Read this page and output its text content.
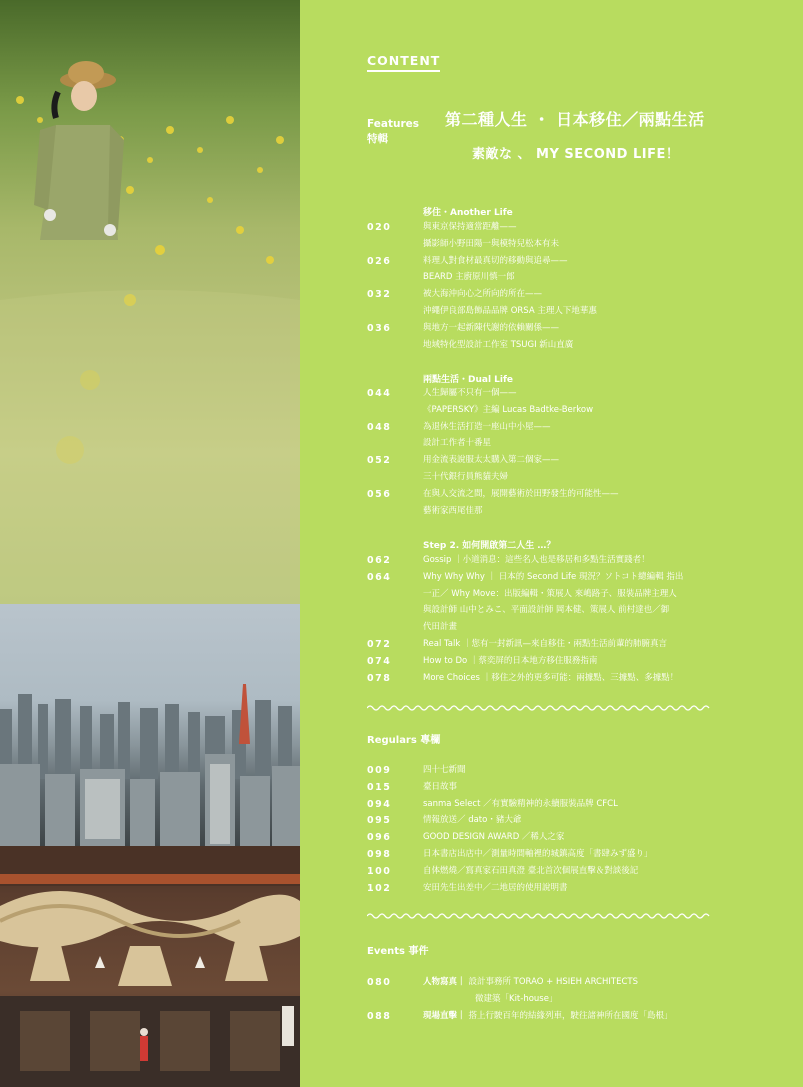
CONTENT
Features
特輯
第二種人生 ・ 日本移住／兩點生活
素敵な 、 MY SECOND LIFE！
移住・Another Life
020	與東京保持適當距離——
攝影師小野田陽一與模特兒松本有未
026	料理人對食材最真切的移動與追尋——
BEARD 主廚原川慎一郎
032	被大海沖向心之所向的所在——
沖繩伊良部島飾品品牌 ORSA 主理人下地華惠
036	與地方一起新陳代謝的依賴關係——
地域特化型設計工作室 TSUGI 新山直廣
兩點生活・Dual Life
044	人生歸屬不只有一個——
《PAPERSKY》主編 Lucas Badtke-Berkow
048	為退休生活打造一座山中小屋——
設計工作者十番星
052	用金流表說服太太購入第二個家——
三十代銀行員熊貓夫婦
056	在與人交流之間，展開藝術於田野發生的可能性——
藝術家西尾佳那
Step 2. 如何開啟第二人生 …？
062	Gossip ｜小道消息：這些名人也是移居和多點生活實踐者！
064	Why Why Why ｜ 日本的 Second Life 現況？ソトコト總編輯 指出
一正／ Why Move：出版編輯・策展人 來嶋路子、服裝品牌主理人
與設計師 山中とみこ、平面設計師 岡本健、策展人 前村達也／御
代田計畫
072	Real Talk ｜您有一封新訊—來自移住・兩點生活前輩的肺腑真言
074	How to Do ｜蔡奕屏的日本地方移住服務指南
078	More Choices ｜移住之外的更多可能：兩據點、三據點、多據點！
Regulars 專欄
009	四十七新聞
015	臺日故事
094	sanma Select ／有實驗精神的永續服裝品牌 CFCL
095	情報放送／ dato・豬大爺
096	GOOD DESIGN AWARD ／稀人之家
098	日本書店出店中／測量時間軸裡的城鎮高度「書肆みず盛り」
100	自体燃燒／寫真家石田真澄 臺北首次個展直擊＆對談後記
102	安田先生出差中／二地居的使用說明書
Events 事件
080	人物寫真｜ 設計事務所 TORAO + HSIEH ARCHITECTS
微建築「Kit-house」
088	現場直擊｜ 搭上行駛百年的結緣列車，駛往諸神所在國度「島根」
